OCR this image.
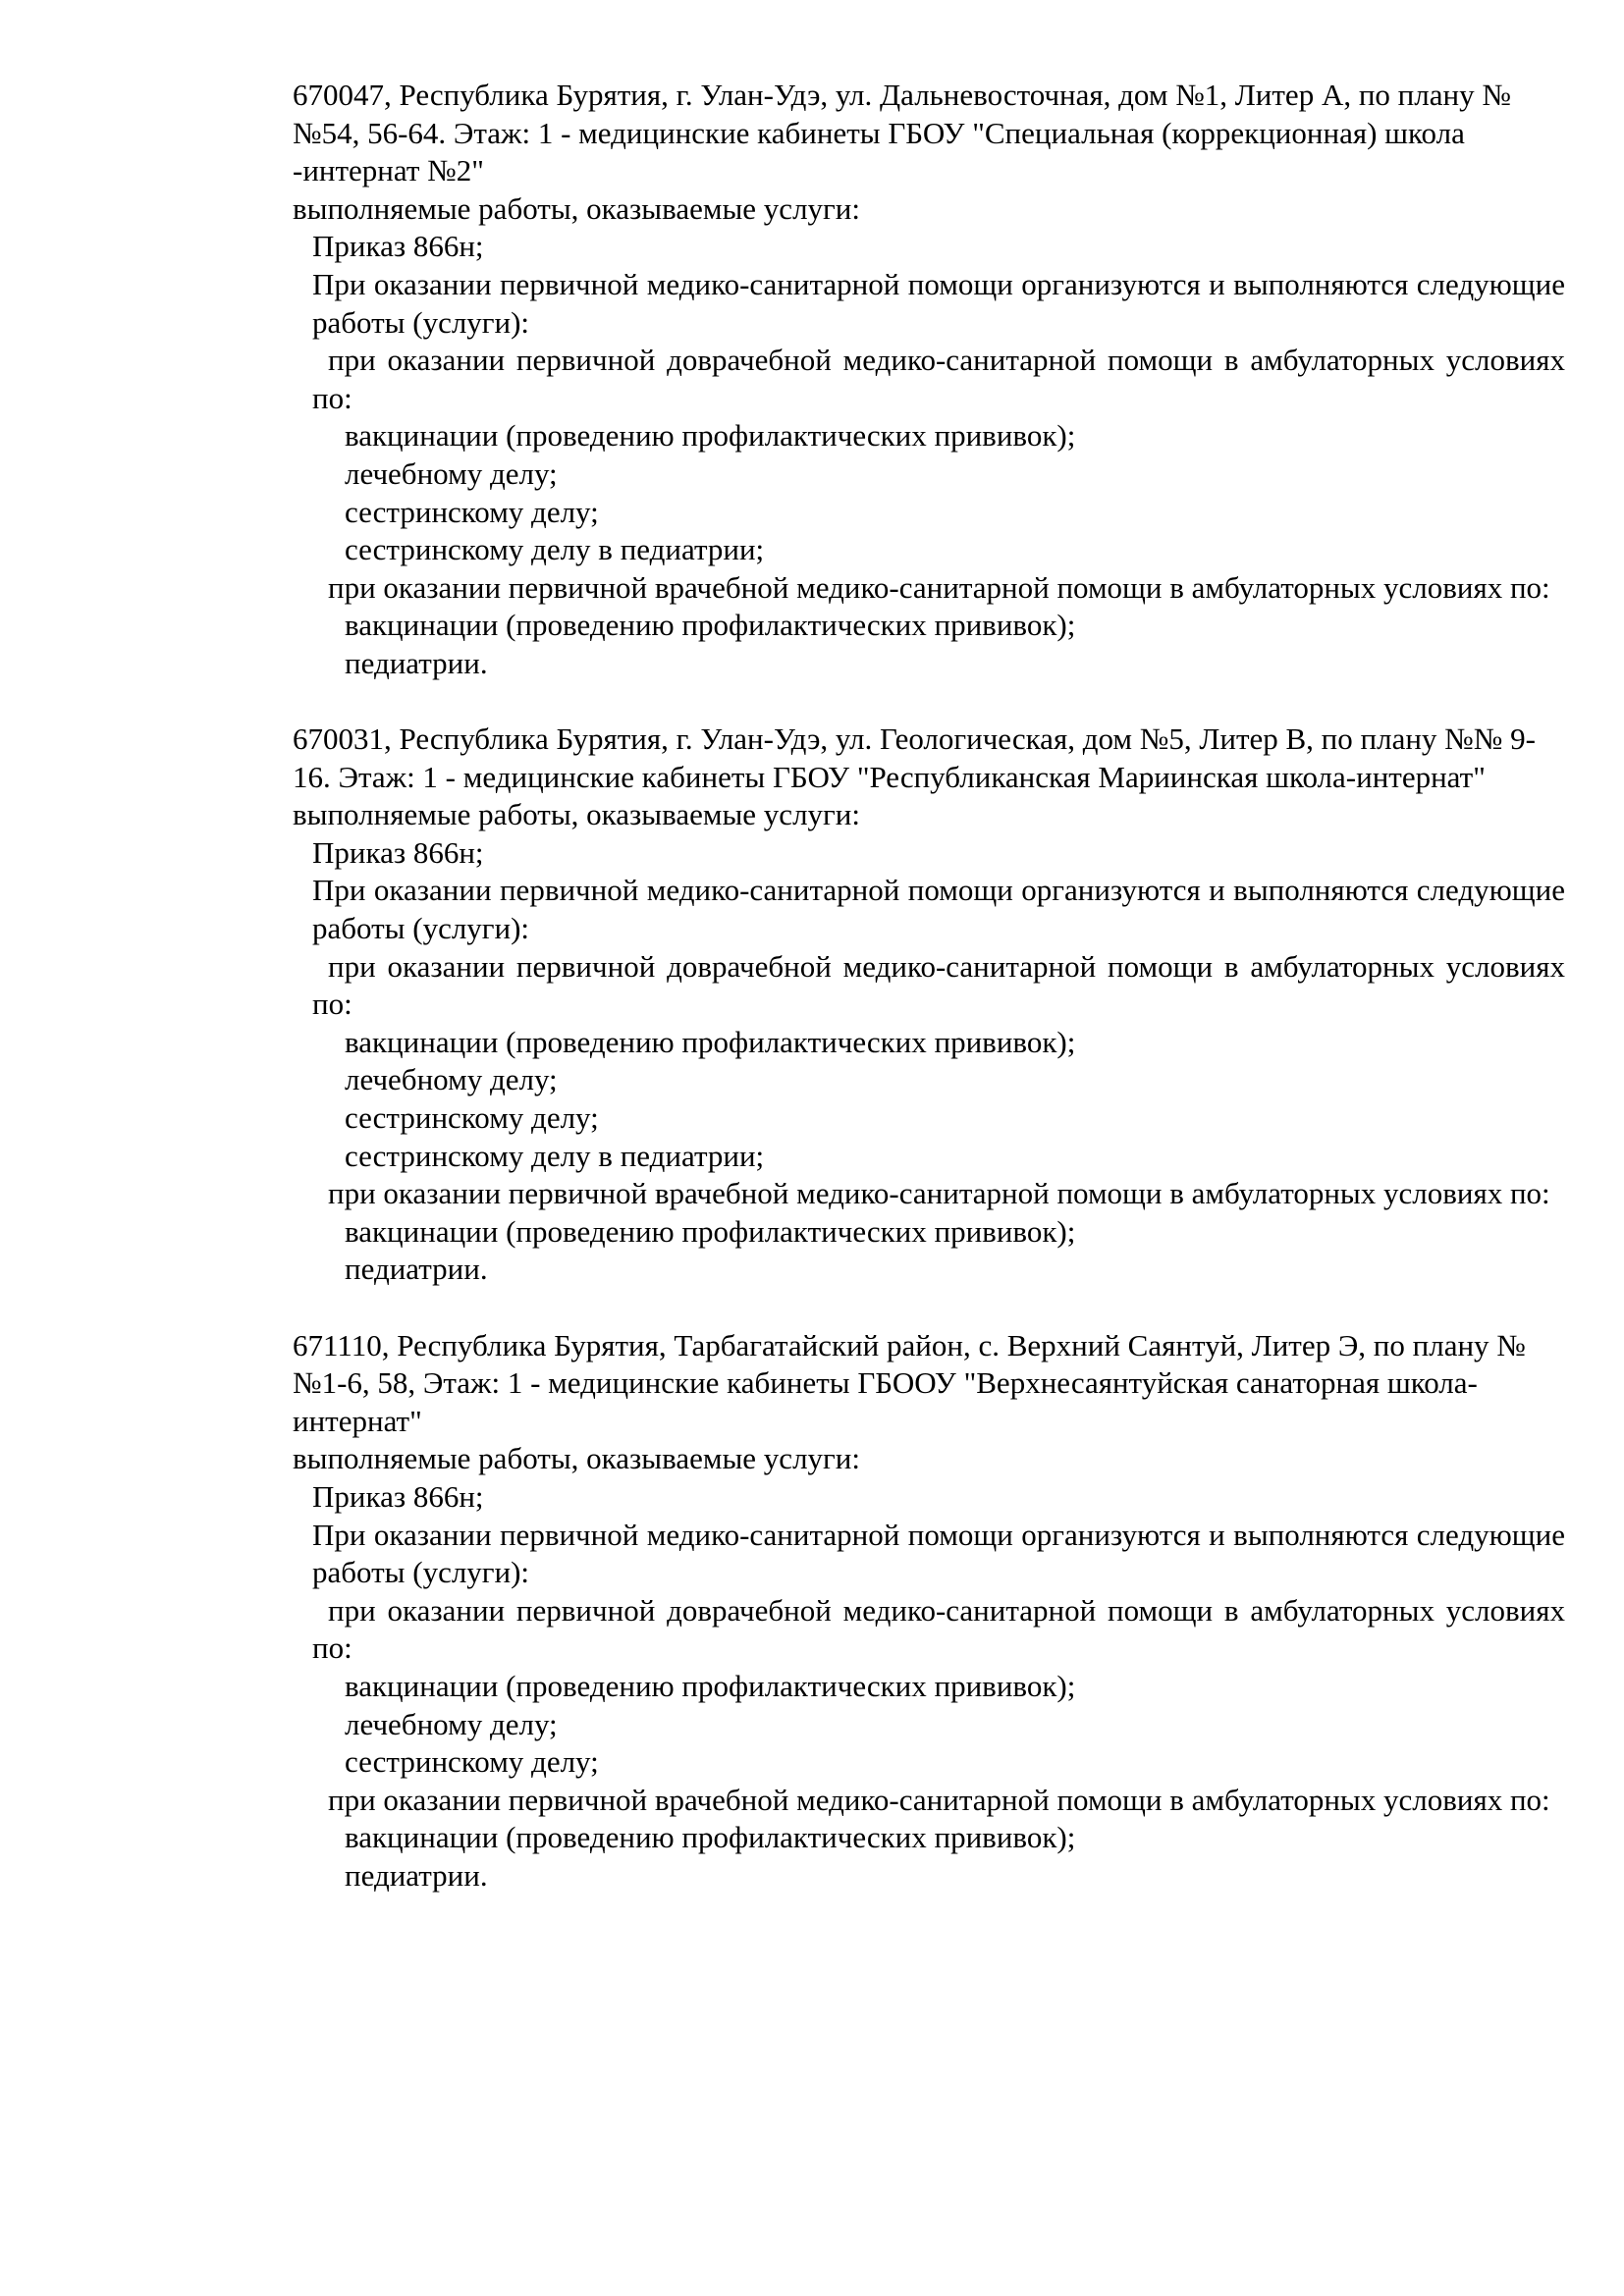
670047, Республика Бурятия, г. Улан-Удэ, ул. Дальневосточная, дом №1, Литер А, по плану №№54, 56-64. Этаж: 1 - медицинские кабинеты ГБОУ "Специальная (коррекционная) школа -интернат №2"

выполняемые работы, оказываемые услуги:

Приказ 866н;

При оказании первичной медико-санитарной помощи организуются и выполняются следующие работы (услуги):

при оказании первичной доврачебной медико-санитарной помощи в амбулаторных условиях по:

вакцинации (проведению профилактических прививок);

лечебному делу;

сестринскому делу;

сестринскому делу в педиатрии;

при оказании первичной врачебной медико-санитарной помощи в амбулаторных условиях по:

вакцинации (проведению профилактических прививок);

педиатрии.

670031, Республика Бурятия, г. Улан-Удэ, ул. Геологическая, дом №5, Литер В, по плану №№ 9-16. Этаж: 1 - медицинские кабинеты ГБОУ "Республиканская Мариинская школа-интернат"

выполняемые работы, оказываемые услуги:

Приказ 866н;

При оказании первичной медико-санитарной помощи организуются и выполняются следующие работы (услуги):

при оказании первичной доврачебной медико-санитарной помощи в амбулаторных условиях по:

вакцинации (проведению профилактических прививок);

лечебному делу;

сестринскому делу;

сестринскому делу в педиатрии;

при оказании первичной врачебной медико-санитарной помощи в амбулаторных условиях по:

вакцинации (проведению профилактических прививок);

педиатрии.

671110, Республика Бурятия, Тарбагатайский район, с. Верхний Саянтуй, Литер Э, по плану №№1-6, 58, Этаж: 1 - медицинские кабинеты ГБООУ "Верхнесаянтуйская санаторная школа-интернат"

выполняемые работы, оказываемые услуги:

Приказ 866н;

При оказании первичной медико-санитарной помощи организуются и выполняются следующие работы (услуги):

при оказании первичной доврачебной медико-санитарной помощи в амбулаторных условиях по:

вакцинации (проведению профилактических прививок);

лечебному делу;

сестринскому делу;

при оказании первичной врачебной медико-санитарной помощи в амбулаторных условиях по:

вакцинации (проведению профилактических прививок);

педиатрии.
